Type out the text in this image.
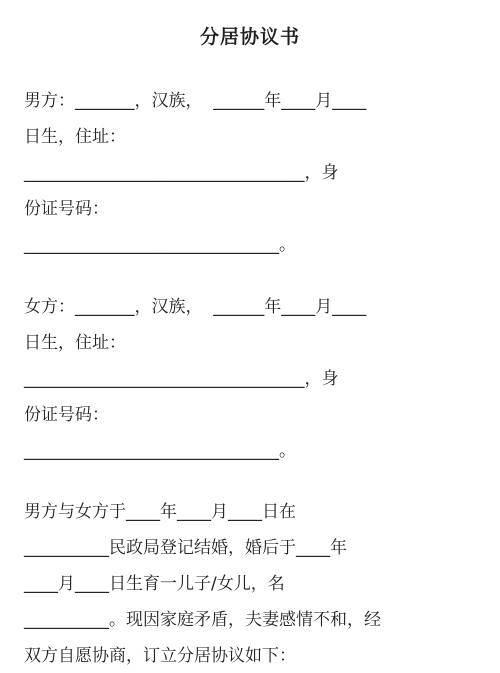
分居协议书
男方：_______，汉族，  ______年____月____
日生，住址：
_________________________________，身
份证号码：
______________________________。
女方：_______，汉族，  ______年____月____
日生，住址：
_________________________________，身
份证号码：
______________________________。
男方与女方于____年____月____日在
__________民政局登记结婚，婚后于____年
____月____日生育一儿子/女儿，名
__________。现因家庭矛盾，夫妻感情不和，经
双方自愿协商，订立分居协议如下：
